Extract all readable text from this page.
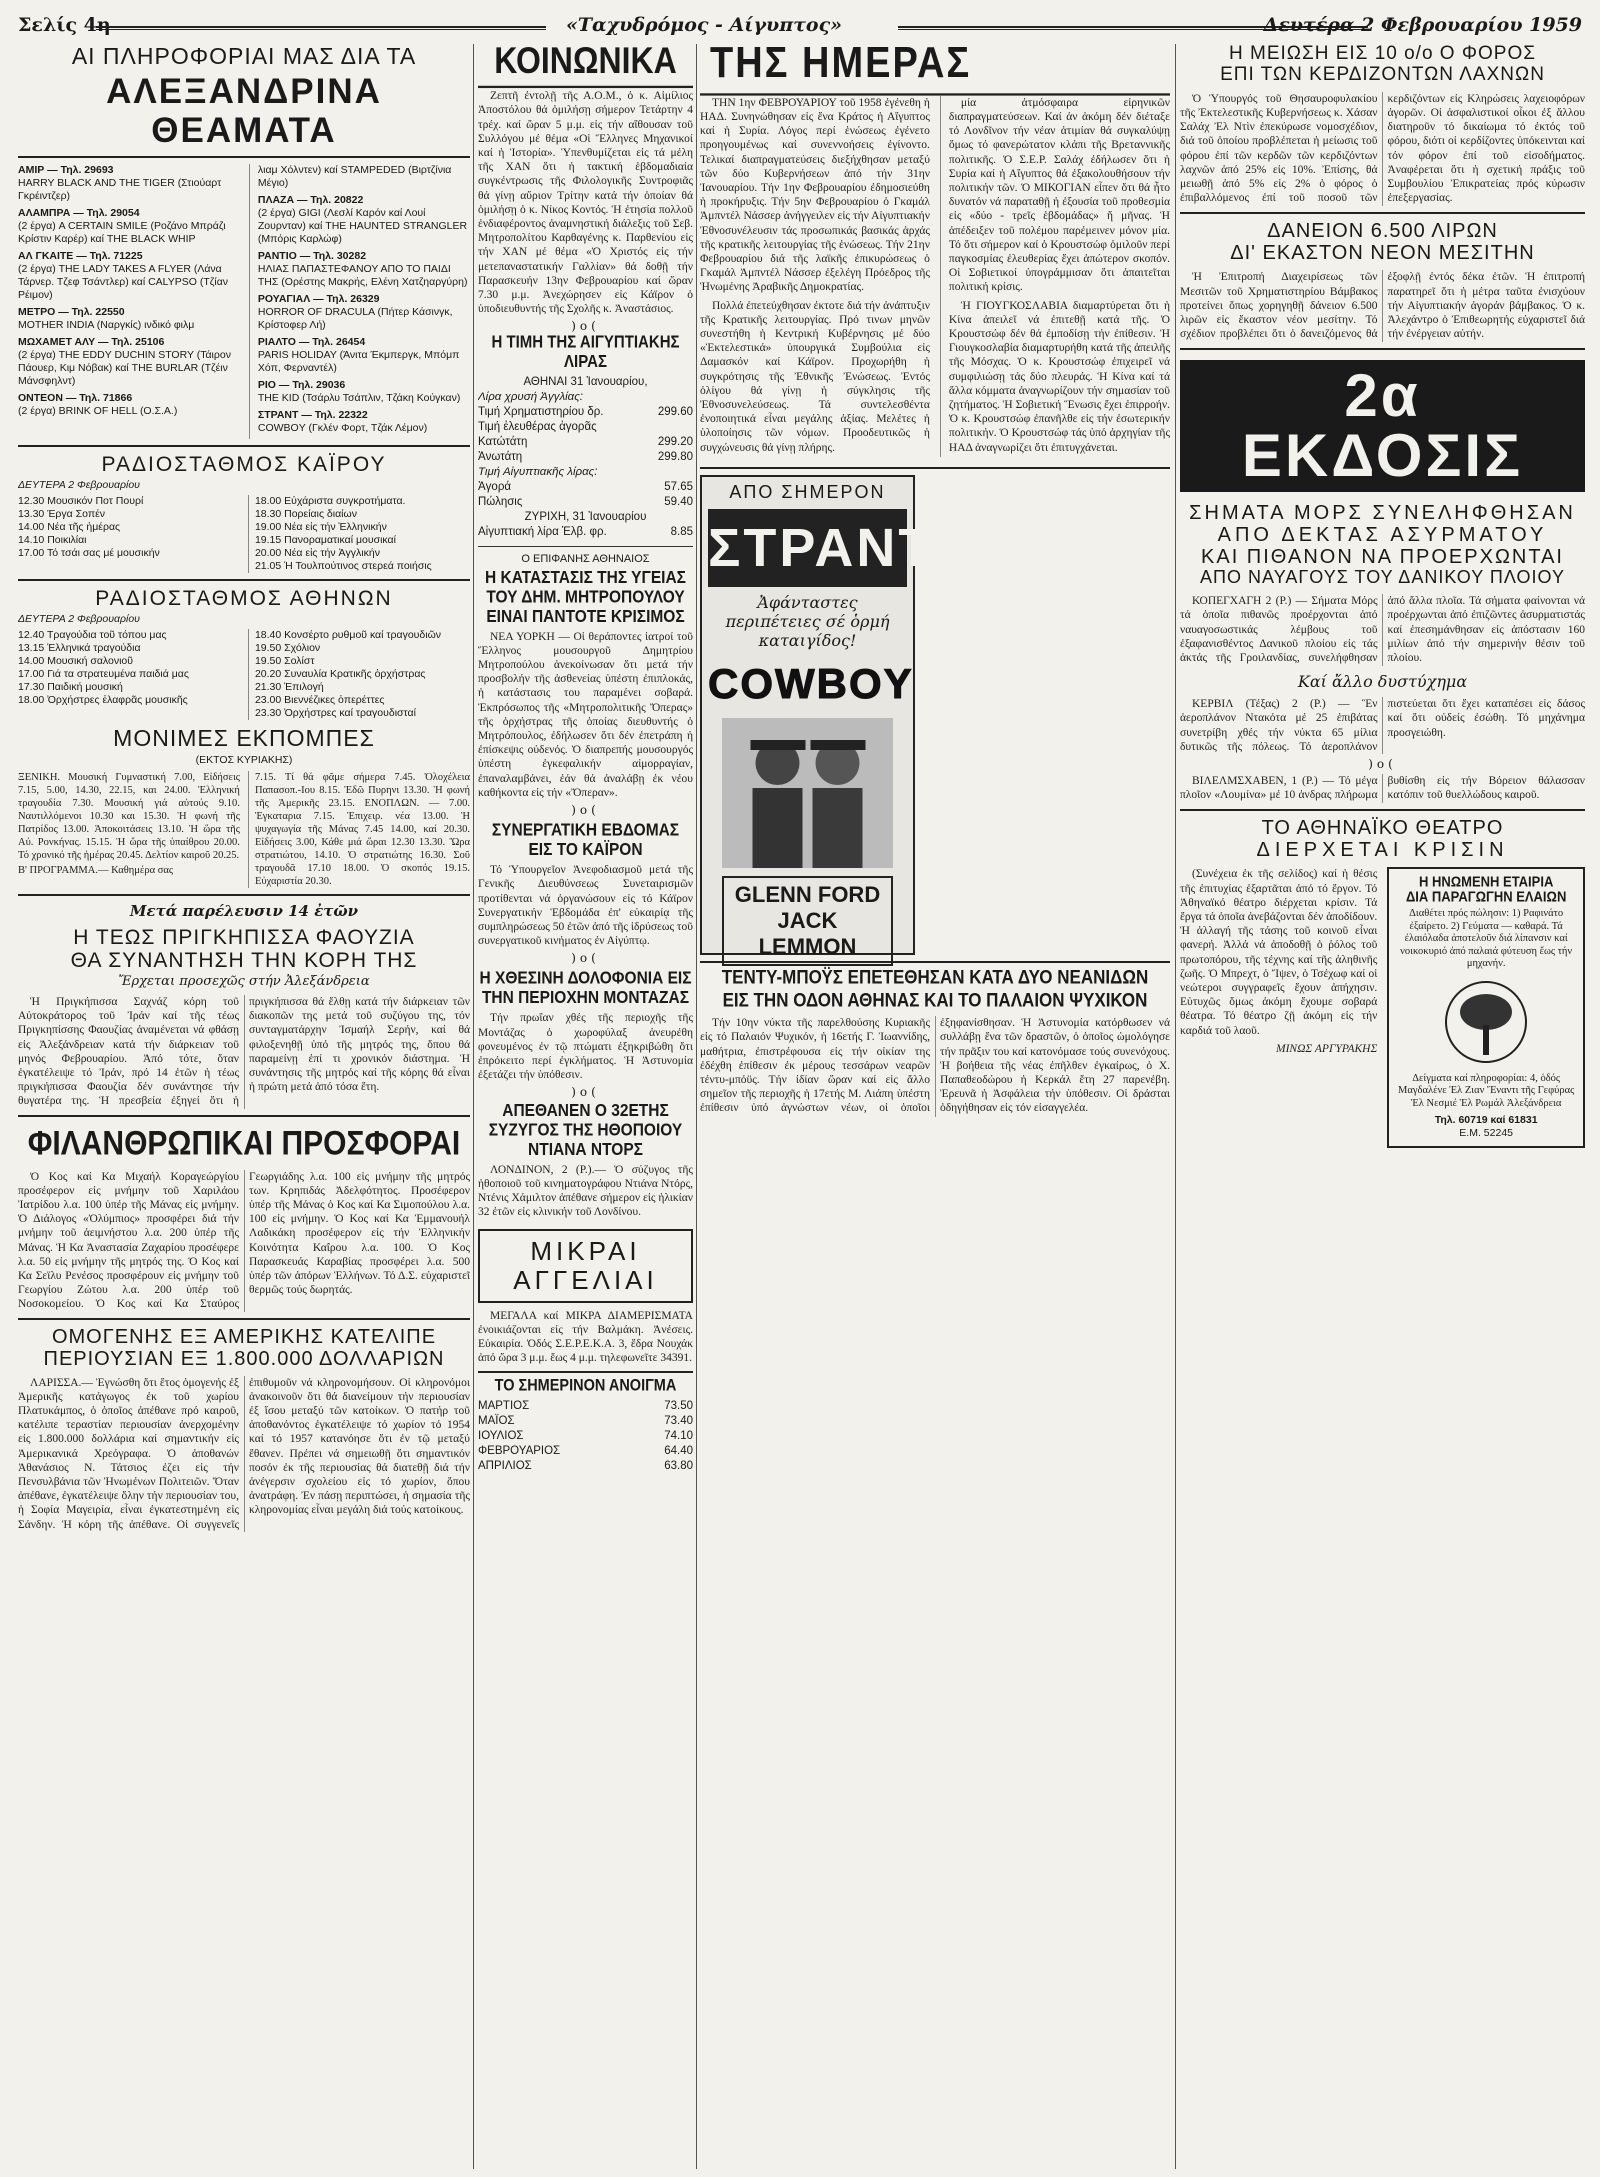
Σελίς 4η	«Ταχυδρόμος - Αίγυπτος»	Δευτέρα 2 Φεβρουαρίου 1959
ΑΙ ΠΛΗΡΟΦΟΡΙΑΙ ΜΑΣ ΔΙΑ ΤΑ
ΑΛΕΞΑΝΔΡΙΝΑ ΘΕΑΜΑΤΑ
ΑΜΙΡ — Τηλ. 29693
HARRY BLACK AND THE TIGER (Στιούαρτ Γκρέιντζερ)
ΑΛΑΜΠΡΑ — Τηλ. 29054
(2 έργα) A CERTAIN SMILE (Ροζάνο Μπράζι Κρίστιν Καρέρ) καί THE BLACK WHIP
ΑΛ ΓΚΑΙΤΕ — Τηλ. 71225
(2 έργα) THE LADY TAKES A FLYER (Λάνα Τάρνερ. Τζεφ Τσάντλερ) καί CALYPSO (Τζίαν Ρέιμον)
ΜΕΤΡΟ — Τηλ. 22550
MOTHER INDIA (Ναργκίς) ινδικό φιλμ
ΜΩΧΑΜΕΤ ΑΛΥ — Τηλ. 25106
(2 έργα) THE EDDY DUCHIN STORY (Τάιρον Πάουερ, Κιμ Νόβακ) καί THE BURLAR (Τζέιν Μάνσφηλντ)
ΟΝΤΕΟΝ — Τηλ. 71866
(2 έργα) BRINK OF HELL (Ο.Σ.Α.)
λιαμ Χόλντεν) καί STAMPEDED (Βιρτζίνια Μέγιο)
ΠΛΑΖΑ — Τηλ. 20822
(2 έργα) GIGI (Λεσλί Καρόν καί Λουί Ζουρνταν) καί THE HAUNTED STRANGLER (Μπόρις Καρλώφ)
ΡΑΝΤΙΟ — Τηλ. 30282
ΗΛΙΑΣ ΠΑΠΑΣΤΕΦΑΝΟΥ ΑΠΟ ΤΟ ΠΑΙΔΙ ΤΗΣ (Ορέστης Μακρής, Ελένη Χατζηαργύρη)
ΡΟΥΑΓΙΑΛ — Τηλ. 26329
HORROR OF DRACULA (Πήτερ Κάσινγκ, Κρίστοφερ Λή)
ΡΙΑΛΤΟ — Τηλ. 26454
PARIS HOLIDAY (Άνιτα Έκμπεργκ, Μπόμπ Χόπ, Φερναντέλ)
ΡΙΟ — Τηλ. 29036
THE KID (Τσάρλυ Τσάπλιν, Τζάκη Κούγκαν)
ΣΤΡΑΝΤ — Τηλ. 22322
COWBOY (Γκλέν Φορτ, Τζάκ Λέμον)
ΡΑΔΙΟΣΤΑΘΜΟΣ ΚΑΪΡΟΥ
ΔΕΥΤΕΡΑ 2 Φεβρουαρίου
12.30 Μουσικόν Ποτ Πουρί
13.30 Έργα Σοπέν
14.00 Νέα τῆς ἡμέρας
14.10 Ποικιλίαι
17.00 Τό τσάι σας μέ μουσικήν
18.00 Εὐχάριστα συγκροτήματα.
18.30 Πορείαις διαίων
19.00 Νέα εἰς τήν Ἑλληνικήν
19.15 Πανοραματικαί μουσικαί
20.00 Νέα εἰς τήν Ἀγγλικήν
21.05 Ἡ Τουλπούτινος στερεά ποιήσις
ΡΑΔΙΟΣΤΑΘΜΟΣ ΑΘΗΝΩΝ
ΔΕΥΤΕΡΑ 2 Φεβρουαρίου
12.40 Τραγούδια τοῦ τόπου μας
13.15 Ἑλληνικά τραγούδια
14.00 Μουσική σαλονιοῦ
17.00 Γιά τα στρατευμένα παιδιά μας
17.30 Παιδική μουσική
18.00 Ὀρχήστρες ἐλαφρᾶς μουσικῆς
18.40 Κονσέρτο ρυθμοῦ καί τραγουδιῶν
19.50 Σχόλιον
19.50 Σολίστ
20.20 Συναυλία Κρατικῆς ὀρχήστρας
21.30 Ἐπιλογή
23.00 Βιεννέζικες ὀπερέττες
23.30 Ὀρχήστρες καί τραγουδισταί
ΜΟΝΙΜΕΣ ΕΚΠΟΜΠΕΣ
(ΕΚΤΟΣ ΚΥΡΙΑΚΗΣ)
ΞΕΝΙΚΗ. Μουσική Γυμναστική 7.00, Εἰδήσεις 7.15, 5.00, 14.30, 22.15, και 24.00. Ἑλληνική τραγουδία 7.30. Μουσική γιά αὐτούς 9.10. Ναυτιλλόμενοι 10.30 και 15.30. Ἡ φωνή τῆς Πατρίδος 13.00. Ἀποκοιτάσεις 13.10. Ἡ ὥρα τῆς Αὐ. Ρονκήνας. 15.15. Ἡ ὥρα τῆς ὑπαίθρου 20.00. Τό χρονικό τῆς ἡμέρας 20.45. Δελτίον καιροῦ 20.25.
Β' ΠΡΟΓΡΑΜΜΑ.— Καθημέρα σας
7.15. Τί θά φᾶμε σήμερα 7.45. Ὀλοχέλεια Παπασοπ.-Ιου 8.15. Ἐδῶ Πυρηνι 13.30. Ἡ φωνή τῆς Ἀμερικῆς 23.15. ΕΝΟΠΛΩΝ. — 7.00. Ἐγκαταρια 7.15. Ἐπιχειρ. νέα 13.00. Ἡ ψυχαγωγία τῆς Μάνας 7.45 14.00, καί 20.30. Εἰδήσεις 3.00, Κάθε μιά ὥραι 12.30 13.30. Ὥρα στρατιώτου, 14.10. Ὁ στρατιώτης 16.30. Σοῦ τραγουδᾶ 17.10 18.00. Ὁ σκοπός 19.15. Εὐχαριστία 20.30.
Μετά παρέλευσιν 14 ἐτῶν
Η ΤΕΩΣ ΠΡΙΓΚΗΠΙΣΣΑ ΦΑΟΥΖΙΑ
ΘΑ ΣΥΝΑΝΤΗΣΗ ΤΗΝ ΚΟΡΗ ΤΗΣ
Ἔρχεται προσεχῶς στήν Ἀλεξάνδρεια

Ἡ Πριγκήπισσα Σαχνάζ κόρη τοῦ Αὐτοκράτορος τοῦ Ἰράν καί τῆς τέως Πριγκηπίσσης Φαουζίας ἀναμένεται νά φθάσῃ εἰς Ἀλεξάνδρειαν κατά τήν διάρκειαν τοῦ μηνός Φεβρουαρίου. Ἀπό τότε, ὅταν ἐγκατέλειψε τό Ἰράν, πρό 14 ἐτῶν ἡ τέως πριγκήπισσα Φαουζία δέν συνάντησε τήν θυγατέρα της. Ἡ πρεσβεία ἐξηγεί ὅτι ἡ πριγκήπισσα θά ἔλθῃ κατά τήν διάρκειαν τῶν διακοπῶν της μετά τοῦ συζύγου της, τόν συνταγματάρχην Ἰσμαήλ Σερήν, καί θά φιλοξενηθῇ ὑπό τῆς μητρός της, ὅπου θά παραμείνῃ ἐπί τι χρονικόν διάστημα. Ἡ συνάντησις τῆς μητρός καί τῆς κόρης θά εἶναι ἡ πρώτη μετά ἀπό τόσα ἔτη.

ΦΙΛΑΝΘΡΩΠΙΚΑΙ ΠΡΟΣΦΟΡΑΙ

Ὁ Κος καί Κα Μιχαήλ Κοραγεώργίου προσέφερον εἰς μνήμην τοῦ Χαριλάου Ἰατρίδου λ.α. 100 ὑπέρ τῆς Μάνας εἰς μνήμην. Ὁ Διάλογος «Ὀλύμπιος» προσφέρει διά τήν μνήμην τοῦ ἀειμνήστου λ.α. 200 ὑπέρ τῆς Μάνας. Ἡ Κα Ἀναστασία Ζαχαρίου προσέφερε λ.α. 50 εἰς μνήμην τῆς μητρός της. Ὁ Κος καί Κα Σεϊλυ Ρενέσος προσφέρουν εἰς μνήμην τοῦ Γεωργίου Ζώτου λ.α. 200 ὑπέρ τοῦ Νοσοκομείου. Ὁ Κος καί Κα Σταύρος Γεωργιάδης λ.α. 100 εἰς μνήμην τῆς μητρός των. Κρηπιδάς Ἀδελφότητος. Προσέφερον ὑπέρ τῆς Μάνας ὁ Κος καί Κα Σιμοπούλου λ.α. 100 εἰς μνήμην. Ὁ Κος καί Κα Ἐμμανουήλ Λαδικάκη προσέφερον εἰς τήν Ἑλληνικήν Κοινότητα Καΐρου λ.α. 100. Ὁ Κος Παρασκευάς Καραβίας προσφέρει λ.α. 500 ὑπέρ τῶν ἀπόρων Ἑλλήνων. Τό Δ.Σ. εὐχαριστεῖ θερμῶς τούς δωρητάς.

ΟΜΟΓΕΝΗΣ ΕΞ ΑΜΕΡΙΚΗΣ ΚΑΤΕΛΙΠΕ
ΠΕΡΙΟΥΣΙΑΝ ΕΞ 1.800.000 ΔΟΛΛΑΡΙΩΝ

ΛΑΡΙΣΣΑ.— Ἐγνώσθη ὅτι ἔτος ὁμογενής ἐξ Ἀμερικῆς κατάγωγος ἐκ τοῦ χωρίου Πλατυκάμπος, ὁ ὁποῖος ἀπέθανε πρό καιροῦ, κατέλιπε τεραστίαν περιουσίαν ἀνερχομένην εἰς 1.800.000 δολλάρια καί σημαντικήν εἰς Ἀμερικανικά Χρεόγραφα. Ὁ ἀποθανών Ἀθανάσιος Ν. Τάτσιος ἐζει εἰς τήν Πενσυλβάνια τῶν Ἡνωμένων Πολιτειῶν. Ὅταν ἀπέθανε, ἐγκατέλειψε ὅλην τήν περιουσίαν του, ἡ Σοφία Μαγειρία, εἶναι ἐγκατεστημένη εἰς Σάνδην. Ἡ κόρη τῆς ἀπέθανε. Οἱ συγγενεῖς ἐπιθυμοῦν νά κληρονομήσουν. Οἱ κληρονόμοι ἀνακοινοῦν ὅτι θά διανείμουν τήν περιουσίαν ἐξ ἴσου μεταξύ τῶν κατοίκων. Ὁ πατήρ τοῦ ἀποθανόντος ἐγκατέλειψε τό χωρίον τό 1954 καί τό 1957 κατανόησε ὅτι ἐν τῷ μεταξύ ἔθανεν. Πρέπει νά σημειωθῇ ὅτι σημαντικόν ποσόν ἐκ τῆς περιουσίας θά διατεθῇ διά τήν ἀνέγερσιν σχολείου εἰς τό χωρίον, ὅπου ἀνατράφη. Ἐν πάσῃ περιπτώσει, ἡ σημασία τῆς κληρονομίας εἶναι μεγάλη διά τούς κατοίκους.

ΚΟΙΝΩΝΙΚΑ

Ζεπτῆ ἐντολῇ τῆς Α.Ο.Μ., ὁ κ. Αἰμίλιος Ἀποστόλου θά ὁμιλήσῃ σήμερον Τετάρτην 4 τρέχ. καί ὥραν 5 μ.μ. εἰς τήν αἴθουσαν τοῦ Συλλόγου μέ θέμα «Οἱ Ἕλληνες Μηχανικοί καί ἡ Ἱστορία». Ὑπενθυμίζεται εἰς τά μέλη τῆς ΧΑΝ ὅτι ἡ τακτική ἑβδομαδιαία συγκέντρωσις τῆς Φιλολογικῆς Συντροφιᾶς θά γίνῃ αὔριον Τρίτην κατά τήν ὁποίαν θά ὁμιλήσῃ ὁ κ. Νίκος Κοντός. Ἡ ἐτησία πολλοῦ ἐνδιαφέροντος ἀναμνηστική διάλεξις τοῦ Σεβ. Μητροπολίτου Καρθαγένης κ. Παρθενίου εἰς τήν ΧΑΝ μέ θέμα «Ὁ Χριστός εἰς τήν μετεπαναστατικήν Γαλλίαν» θά δοθῇ τήν Παρασκευήν 13ην Φεβρουαρίου καί ὥραν 7.30 μ.μ. Ἀνεχώρησεν εἰς Κάϊρον ὁ ὑποδιευθυντής τῆς Σχολῆς κ. Ἀναστάσιος.

)o(
Η ΤΙΜΗ ΤΗΣ ΑΙΓΥΠΤΙΑΚΗΣ ΛΙΡΑΣ
ΑΘΗΝΑΙ 31 Ἰανουαρίου,
Λίρα χρυσή Ἀγγλίας:
Τιμή Χρηματιστηρίου δρ.	299.60
Τιμή ἐλευθέρας ἀγορᾶς
Κατώτάτη	299.20
Ἀνωτάτη	299.80
Τιμή Αἰγυπτιακῆς λίρας:
Ἀγορά	57.65
Πώλησις	59.40
ΖΥΡΙΧΗ, 31 Ἰανουαρίου
Αἰγυπτιακή λίρα Ἑλβ. φρ.	8.85
Ο ΕΠΙΦΑΝΗΣ ΑΘΗΝΑΙΟΣ
Η ΚΑΤΑΣΤΑΣΙΣ ΤΗΣ ΥΓΕΙΑΣ ΤΟΥ ΔΗΜ. ΜΗΤΡΟΠΟΥΛΟΥ ΕΙΝΑΙ ΠΑΝΤΟΤΕ ΚΡΙΣΙΜΟΣ

ΝΕΑ ΥΟΡΚΗ — Οἱ θεράποντες ἰατροί τοῦ Ἕλληνος μουσουργοῦ Δημητρίου Μητροπούλου ἀνεκοίνωσαν ὅτι μετά τήν προσβολήν τῆς ἀσθενείας ὑπέστη ἐπιπλοκάς, ἡ κατάστασις του παραμένει σοβαρά. Ἐκπρόσωπος τῆς «Μητροπολιτικῆς Ὄπερας» τῆς ὀρχήστρας τῆς ὁποίας διευθυντής ὁ Μητρόπουλος, ἐδήλωσεν ὅτι δέν ἐπετράπη ἡ ἐπίσκεψις οὐδενός. Ὁ διαπρεπής μουσουργός ὑπέστη ἐγκεφαλικήν αἱμορραγίαν, ἐπαναλαμβάνει, ἐάν θά ἀναλάβῃ ἐκ νέου καθήκοντα εἰς τήν «Ὄπεραν».

)o(
ΣΥΝΕΡΓΑΤΙΚΗ ΕΒΔΟΜΑΣ ΕΙΣ ΤΟ ΚΑΪΡΟΝ

Τό Ὑπουργεῖον Ἀνεφοδιασμοῦ μετά τῆς Γενικῆς Διευθύνσεως Συνεταιρισμῶν προτίθενται νά ὀργανώσουν εἰς τό Κάϊρον Συνεργατικήν Ἑβδομάδα ἐπ' εὐκαιρίᾳ τῆς συμπληρώσεως 50 ἐτῶν ἀπό τῆς ἱδρύσεως τοῦ συνεργατικοῦ κινήματος ἐν Αἰγύπτῳ.

)o(
Η ΧΘΕΣΙΝΗ ΔΟΛΟΦΟΝΙΑ ΕΙΣ ΤΗΝ ΠΕΡΙΟΧΗΝ ΜΟΝΤΑΖΑΣ

Τήν πρωΐαν χθές τῆς περιοχῆς τῆς Μοντάζας ὁ χωροφύλαξ ἀνευρέθη φονευμένος ἐν τῷ πτώματι ἐξηκριβώθη ὅτι ἐπρόκειτο περί ἐγκλήματος. Ἡ Ἀστυνομία ἐξετάζει τήν ὑπόθεσιν.

)o(
ΑΠΕΘΑΝΕΝ Ο 32ΕΤΗΣ ΣΥΖΥΓΟΣ ΤΗΣ ΗΘΟΠΟΙΟΥ ΝΤΙΑΝΑ ΝΤΟΡΣ

ΛΟΝΔΙΝΟΝ, 2 (Ρ.).— Ὁ σύζυγος τῆς ἠθοποιοῦ τοῦ κινηματογράφου Ντιάνα Ντόρς, Ντένις Χάμιλτον ἀπέθανε σήμερον εἰς ἡλικίαν 32 ἐτῶν εἰς κλινικήν τοῦ Λονδίνου.

ΜΙΚΡΑΙ
ΑΓΓΕΛΙΑΙ

ΜΕΓΑΛΑ καί ΜΙΚΡΑ ΔΙΑΜΕΡΙΣΜΑΤΑ ἐνοικιάζονται εἰς τήν Βαλμάκη. Ἀνέσεις. Εὐκαιρία. Ὁδός Σ.Ε.Ρ.Ε.Κ.Α. 3, ἔδρα Νουχάκ ἀπό ὥρα 3 μ.μ. ἔως 4 μ.μ. τηλεφωνεῖτε 34391.

ΤΟ ΣΗΜΕΡΙΝΟΝ ΑΝΟΙΓΜΑ
ΜΑΡΤΙΟΣ	73.50
ΜΑΪΟΣ	73.40
ΙΟΥΛΙΟΣ	74.10
ΦΕΒΡΟΥΑΡΙΟΣ	64.40
ΑΠΡΙΛΙΟΣ	63.80
ΤΗΣ ΗΜΕΡΑΣ

ΤΗΝ 1ην ΦΕΒΡΟΥΑΡΙΟΥ τοῦ 1958 ἐγένεθη ἡ ΗΑΔ. Συνηνώθησαν εἰς ἕνα Κράτος ἡ Αἴγυπτος καί ἡ Συρία. Λόγος περί ἑνώσεως ἐγένετο προηγουμένως καί συνεννοήσεις ἐγίνοντο. Τελικαί διαπραγματεύσεις διεξήχθησαν μεταξύ τῶν δύο Κυβερνήσεων ἀπό τήν 31ην Ἰανουαρίου. Τήν 1ην Φεβρουαρίου ἐδημοσιεύθη ἡ προκήρυξις. Τήν 5ην Φεβρουαρίου ὁ Γκαμάλ Ἀμπντέλ Νάσσερ ἀνήγγειλεν εἰς τήν Αἰγυπτιακήν Ἐθνοσυνέλευσιν τάς προσωπικάς βασικάς ἀρχάς τῆς κρατικῆς λειτουργίας τῆς ἑνώσεως. Τήν 21ην Φεβρουαρίου διά τῆς λαϊκῆς ἐπικυρώσεως ὁ Γκαμάλ Ἀμπντέλ Νάσσερ ἐξελέγη Πρόεδρος τῆς Ἡνωμένης Ἀραβικῆς Δημοκρατίας.

Πολλά ἐπετεύχθησαν ἐκτοτε διά τήν ἀνάπτυξιν τῆς Κρατικῆς λειτουργίας. Πρό τινων μηνῶν συνεστήθη ἡ Κεντρική Κυβέρνησις μέ δύο «Ἐκτελεστικά» ὑπουργικά Συμβούλια εἰς Δαμασκόν καί Κάϊρον. Προχωρήθη ἡ συγκρότησις τῆς Ἐθνικῆς Ἐνώσεως. Ἐντός ὀλίγου θά γίνῃ ἡ σύγκλησις τῆς Ἐθνοσυνελεύσεως. Τά συντελεσθέντα ἐνοποιητικά εἶναι μεγάλης ἀξίας. Μελέτες ἡ ὑλοποίησις τῶν νόμων. Προοδευτικῶς ἡ συγχώνευσις θά γίνῃ πλήρης.

μία ἀτμόσφαιρα εἰρηνικῶν διαπραγματεύσεων. Καί ἀν ἀκόμη δέν διέταξε τό Λονδῖνον τήν νέαν ἀτιμίαν θά συγκαλύψῃ ὅμως τό φανερώτατον κλάπι τῆς Βρεταννικῆς πολιτικῆς. Ὁ Σ.Ε.Ρ. Σαλάχ ἐδήλωσεν ὅτι ἡ Συρία καί ἡ Αἴγυπτος θά ἐξακολουθήσουν τήν πολιτικήν τῶν. Ὁ ΜΙΚΟΓΙΑΝ εἶπεν ὅτι θά ἦτο δυνατόν νά παραταθῇ ἡ ἐξουσία τοῦ προθεσμία εἰς «δύο - τρεῖς ἑβδομάδας» ἤ μῆνας. Ἡ ἀπέδειξεν τοῦ πολέμου παρέμεινεν μόνον μία. Τό ὅτι σήμερον καί ὁ Κρουστσώφ ὁμιλοῦν περί παγκοσμίας ἐλευθερίας ἔχει ἀπώτερον σκοπόν. Οἱ Σοβιετικοί ὑπογράμμισαν ὅτι ἀπαιτεῖται πολιτική κρίσις.

Ἡ ΓΙΟΥΓΚΟΣΛΑΒΙΑ διαμαρτύρεται ὅτι ἡ Κίνα ἀπειλεῖ νά ἐπιτεθῇ κατά τῆς. Ὁ Κρουστσώφ δέν θά ἐμποδίσῃ τήν ἐπίθεσιν. Ἡ Γιουγκοσλαβία διαμαρτυρήθη κατά τῆς ἀπειλῆς τῆς Μόσχας. Ὁ κ. Κρουστσώφ ἐπιχειρεῖ νά συμφιλιώσῃ τάς δύο πλευράς. Ἡ Κίνα καί τά ἄλλα κόμματα ἀναγνωρίζουν τήν σημασίαν τοῦ ζητήματος. Ἡ Σοβιετική Ἕνωσις ἔχει ἐπιρροήν. Ὁ κ. Κρουστσώφ ἐπανῆλθε εἰς τήν ἐσωτερικήν πολιτικήν. Ὁ Κρουστσώφ τάς ὑπό ἀρχηγίαν τῆς ΗΑΔ ἀναγνωρίζει ὅτι ἐπιτυγχάνεται.

ΑΠΟ ΣΗΜΕΡΟΝ
ΣΤΡΑΝΤ
Ἀφάνταστες περιπέτειες σέ ὁρμή καταιγίδος!
COWBOY
GLENN FORD
JACK LEMMON
ΤΕΝΤΥ-ΜΠΟΫΣ ΕΠΕΤΕΘΗΣΑΝ ΚΑΤΑ ΔΥΟ ΝΕΑΝΙΔΩΝ
ΕΙΣ ΤΗΝ ΟΔΟΝ ΑΘΗΝΑΣ ΚΑΙ ΤΟ ΠΑΛΑΙΟΝ ΨΥΧΙΚΟΝ

Τήν 10ην νύκτα τῆς παρελθούσης Κυριακῆς εἰς τό Παλαιόν Ψυχικόν, ἡ 16ετής Γ. Ἰωαννίδης, μαθήτρια, ἐπιστρέφουσα εἰς τήν οἰκίαν της ἐδέχθη ἐπίθεσιν ἐκ μέρους τεσσάρων νεαρῶν τέντυ-μπόϋς. Τήν ἰδίαν ὥραν καί εἰς ἄλλο σημεῖον τῆς περιοχῆς ἡ 17ετής Μ. Λιάπη ὑπέστη ἐπίθεσιν ὑπό ἀγνώστων νέων, οἱ ὁποῖοι ἐξηφανίσθησαν. Ἡ Ἀστυνομία κατόρθωσεν νά συλλάβῃ ἕνα τῶν δραστῶν, ὁ ὁποῖος ὡμολόγησε τήν πρᾶξιν του καί κατονόμασε τούς συνενόχους. Ἡ βοήθεια τῆς νέας ἐπῆλθεν ἐγκαίρως, ὁ Χ. Παπαθεοδώρου ἡ Κερκάλ ἔτη 27 παρενέβη. Ἐρευνᾶ ἡ Ἀσφάλεια τήν ὑπόθεσιν. Οἱ δράσται ὁδηγήθησαν εἰς τόν εἰσαγγελέα.

Η ΜΕΙΩΣΗ ΕΙΣ 10 ο/ο Ο ΦΟΡΟΣ
ΕΠΙ ΤΩΝ ΚΕΡΔΙΖΟΝΤΩΝ ΛΑΧΝΩΝ

Ὁ Ὑπουργός τοῦ Θησαυροφυλακίου τῆς Ἐκτελεστικῆς Κυβερνήσεως κ. Χάσαν Σαλάχ Ἐλ Ντὶν ἐπεκύρωσε νομοσχέδιον, διά τοῦ ὁποίου προβλέπεται ἡ μείωσις τοῦ φόρου ἐπί τῶν κερδῶν τῶν κερδιζόντων λαχνῶν ἀπό 25% εἰς 10%. Ἐπίσης, θά μειωθῇ ἀπό 5% εἰς 2% ὁ φόρος ὁ ἐπιβαλλόμενος ἐπί τοῦ ποσοῦ τῶν κερδιζόντων εἰς Κληρώσεις λαχειοφόρων ἀγορῶν. Οἱ ἀσφαλιστικοί οἶκοι ἐξ ἄλλου διατηροῦν τό δικαίωμα τό ἐκτός τοῦ φόρου, διότι οἱ κερδίζοντες ὑπόκεινται καί τόν φόρον ἐπί τοῦ εἰσοδήματος. Ἀναφέρεται ὅτι ἡ σχετική πράξις τοῦ Συμβουλίου Ἐπικρατείας πρός κύρωσιν ἐπεξεργασίας.

ΔΑΝΕΙΟΝ 6.500 ΛΙΡΩΝ
ΔΙ' ΕΚΑΣΤΟΝ ΝΕΟΝ ΜΕΣΙΤΗΝ

Ἡ Ἐπιτροπή Διαχειρίσεως τῶν Μεσιτῶν τοῦ Χρηματιστηρίου Βάμβακος προτείνει ὅπως χορηγηθῇ δάνειον 6.500 λιρῶν εἰς ἕκαστον νέον μεσίτην. Τό σχέδιον προβλέπει ὅτι ὁ δανειζόμενος θά ἐξοφλῇ ἐντός δέκα ἐτῶν. Ἡ ἐπιτροπή παρατηρεῖ ὅτι ἡ μέτρα ταῦτα ἐνισχύουν τήν Αἰγυπτιακήν ἀγοράν βάμβακος. Ὁ κ. Ἀλεχάντρο ὁ Ἐπιθεωρητής εὐχαριστεῖ διά τήν ἐνέργειαν αὐτήν.

2α ΕΚΔΟΣΙΣ
ΣΗΜΑΤΑ ΜΟΡΣ ΣΥΝΕΛΗΦΘΗΣΑΝ
ΑΠΟ ΔΕΚΤΑΣ ΑΣΥΡΜΑΤΟΥ
ΚΑΙ ΠΙΘΑΝΟΝ ΝΑ ΠΡΟΕΡΧΩΝΤΑΙ
ΑΠΟ ΝΑΥΑΓΟΥΣ ΤΟΥ ΔΑΝΙΚΟΥ ΠΛΟΙΟΥ

ΚΟΠΕΓΧΑΓΗ 2 (Ρ.) — Σήματα Μόρς τά ὁποῖα πιθανῶς προέρχονται ἀπό ναυαγοσωστικάς λέμβους τοῦ ἐξαφανισθέντος Δανικοῦ πλοίου εἰς τάς ἀκτάς τῆς Γροιλανδίας, συνελήφθησαν ἀπό ἄλλα πλοῖα. Τά σήματα φαίνονται νά προέρχωνται ἀπό ἐπιζῶντες ἀσυρματιστάς καί ἐπεσημάνθησαν εἰς ἀπόστασιν 160 μιλίων ἀπό τήν σημερινήν θέσιν τοῦ πλοίου.

Καί ἄλλο δυστύχημα

ΚΕΡΒΙΛ (Τέξας) 2 (Ρ.) — Ἓν ἀεροπλάνον Ντακότα μέ 25 ἐπιβάτας συνετρίβη χθές τήν νύκτα 65 μίλια δυτικῶς τῆς πόλεως. Τό ἀεροπλάνον πιστεύεται ὅτι ἔχει καταπέσει εἰς δάσος καί ὅτι οὐδείς ἐσώθη. Τό μηχάνημα προσγειώθη.

)o(

ΒΙΛΕΛΜΣΧΑΒΕΝ, 1 (Ρ.) — Τό μέγα πλοῖον «Λουμίνα» μέ 10 ἀνδρας πλήρωμα βυθίσθη εἰς τήν Βόρειον θάλασσαν κατόπιν τοῦ θυελλώδους καιροῦ.

ΤΟ ΑΘΗΝΑΪΚΟ ΘΕΑΤΡΟ
ΔΙΕΡΧΕΤΑΙ ΚΡΙΣΙΝ

(Συνέχεια ἐκ τῆς σελίδος) καί ἡ θέσις τῆς ἐπιτυχίας ἐξαρτᾶται ἀπό τό ἔργον. Τό Ἀθηναϊκό θέατρο διέρχεται κρίσιν. Τά ἔργα τά ὁποῖα ἀνεβάζονται δέν ἀποδίδουν. Ἡ ἀλλαγή τῆς τάσης τοῦ κοινοῦ εἶναι φανερή. Ἀλλά νά ἀποδοθῇ ὁ ῥόλος τοῦ πρωτοπόρου, τῆς τέχνης καί τῆς ἀληθινῆς ζωῆς. Ὁ Μπρεχτ, ὁ Ἴψεν, ὁ Τσέχωφ καί οἱ νεώτεροι συγγραφεῖς ἔχουν ἀπήχησιν. Εὐτυχῶς ὅμως ἀκόμη ἔχουμε σοβαρά θέατρα. Τό θέατρο ζῇ ἀκόμη εἰς τήν καρδιά τοῦ λαοῦ.

ΜΙΝΩΣ ΑΡΓΥΡΑΚΗΣ
Η ΗΝΩΜΕΝΗ ΕΤΑΙΡΙΑ
ΔΙΑ ΠΑΡΑΓΩΓΗΝ ΕΛΑΙΩΝ
Διαθέτει πρός πώλησιν: 1) Ραφινάτο ἐξαίρετο. 2) Γεύματα — καθαρά. Τά ἐλαιόλαδα ἀποτελοῦν διά λίπανσιν καί νοικοκυριό ἀπό παλαιά φύτευση ἕως τήν μηχανήν.
Δείγματα καί πληροφορίαι: 4, ὁδός Μαγδαλένε Ἐλ Ζιαν Ἔναντι τῆς Γεφύρας Ἑλ Νεσμιέ Ἐλ Ρωμάλ Ἀλεξάνδρεια
Τηλ. 60719 καί 61831
Ε.Μ. 52245
